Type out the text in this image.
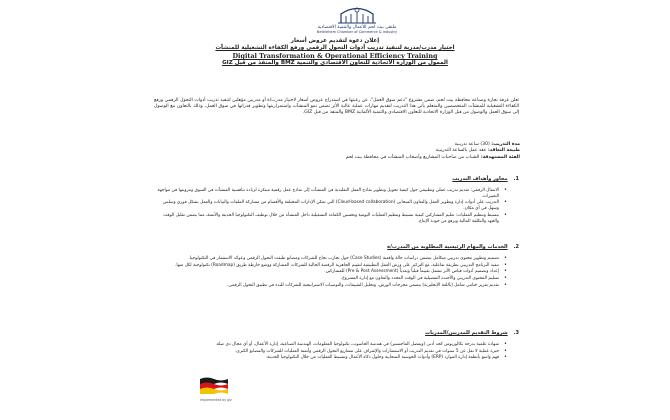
ملتقى بيت لحم للأعمال والتنمية الاقتصادية
Bethlehem Chamber of Commerce & Industry
إعلان دعوة لتقديم عروض أسعار
اختيار مدرب/مدربة لتنفيذ تدريب أدوات التحول الرقمي ورفع الكفاءة التشغيلية للمنشآت
Digital Transformation & Operational Efficiency Training
الممول من الوزارة الاتحادية للتعاون الاقتصادي والتنمية BMZ والمنفذ من قبل GIZ
تعلن غرفة تجارة وصناعة محافظة بيت لحم، ضمن مشروع "دعم سوق العمل"، عن رغبتها في استدراج عروض أسعار لاختيار مدرب/ة أو مدربين مؤهلين لتنفيذ تدريب أدوات التحول الرقمي ورفع الكفاءة التشغيلية للمنشآت المتخصصين والمتعلم بأني هذا التدريب لتقديم مهارات عملية عالية الأثر تضمن نمو المنشآت واستمراريتها وتطوير قدراتها في سوق العمل، وذلك بالتعاون مع الوصول إلى سوق العمل والوصول من قبل الوزارة الاتحادية للتعاون الاقتصادي والتنمية الألمانية BMZ والمنفذ من قبل GIZ.
مدة التدريب: (30) ساعة تدريبية
طبيعة التعاقد: عقد عمل بالساعة التدريبية
الفئة المستهدفة: الشباب من صاحبات المشاريع وأصحاب المنشآت في محافظة بيت لحم
1.محاور وأهداف التدريب
• الانتقال الرقمي: تقديم تدريب عملي وتطبيقي حول كيفية تحويل وتطوير نماذج العمل التقليدية في المنشآت إلى نماذج عمل رقمية مبتكرة لزيادة تنافسية المنشآت في السوق ومرونتها في مواجهة التغييرات.
• التدريب على أدوات إدارة وتطوير العمل والتعاون السحابي (Cloud-based collaboration) التي تمكن الإدارات المختلفة والأقسام من مشاركة الملفات والبيانات والعمل بشكل فوري وسلس وسهل في أي مكان.
• تبسيط وتنظيم العمليات: تعليم المشاركين كيفية تبسيط وتنظيم العمليات اليومية وتحسين الكفاءة التشغيلية داخل المنشأة من خلال توظيف التكنولوجيا الحديثة والأتمتة، مما يضمن تقليل الوقت والجهد والتكلفة المالية ويرفع من جودة الإنتاج.
2.الخدمات والمهام الرئيسية المطلوبة من المدرب/ة
• تصميم وتطوير محتوى تدريبي متكامل يتضمن دراسات حالة واقعية (Case Studies) حول تجارب نجاح للشركات ومصانع طبقت التحول الرقمي وعوائد الاستثمار في التكنولوجيا.
• تنفيذ البرنامج التدريبي بطريقة تفاعلية، مع التركيز على ورش العمل التطبيقية لتقييم الجاهزية الرقمية الحالية للشركات المشاركة ووضع خارطة طريق (Roadmap) تكنولوجية لكل منها.
• إعداد وتصميم أدوات قياس الأثر تشمل تقييماً قبلياً وبعدياً (Pre & Post Assessment) للمشاركين.
• تسليم المحتوى التدريبي والأجندة التفصيلية في الوقت المحدد والتعاون مع إدارة المشروع.
• تقديم تقرير ختامي شامل (باللغة الإنجليزية) يتضمن مخرجات الورش، وتحليل التقييمات، والتوصيات الاستراتيجية للشركات للبدء في تطبيق التحول الرقمي.
3.شروط التقديم للمدربين/المدربات
• شهادة علمية بدرجة بكالوريوس كحد أدنى (ويفضل الماجستير) في هندسة الحاسوب، تكنولوجيا المعلومات، الهندسة الصناعية، إدارة الأعمال، أو أي مجال ذي صلة.
• خبرة عملية لا تقل عن 5 سنوات في تقديم التدريب أو الاستشارات والإشراف على مشاريع التحول الرقمي وأتمتة العمليات للشركات والمصانع الكبرى.
• فهم واسع بأنظمة إدارة الموارد (ERP) وأدوات الحوسبة السحابية وحلول ذكاء الأعمال وتبسيط العمليات من خلال التكنولوجيا الحديثة.
Implemented by giz
